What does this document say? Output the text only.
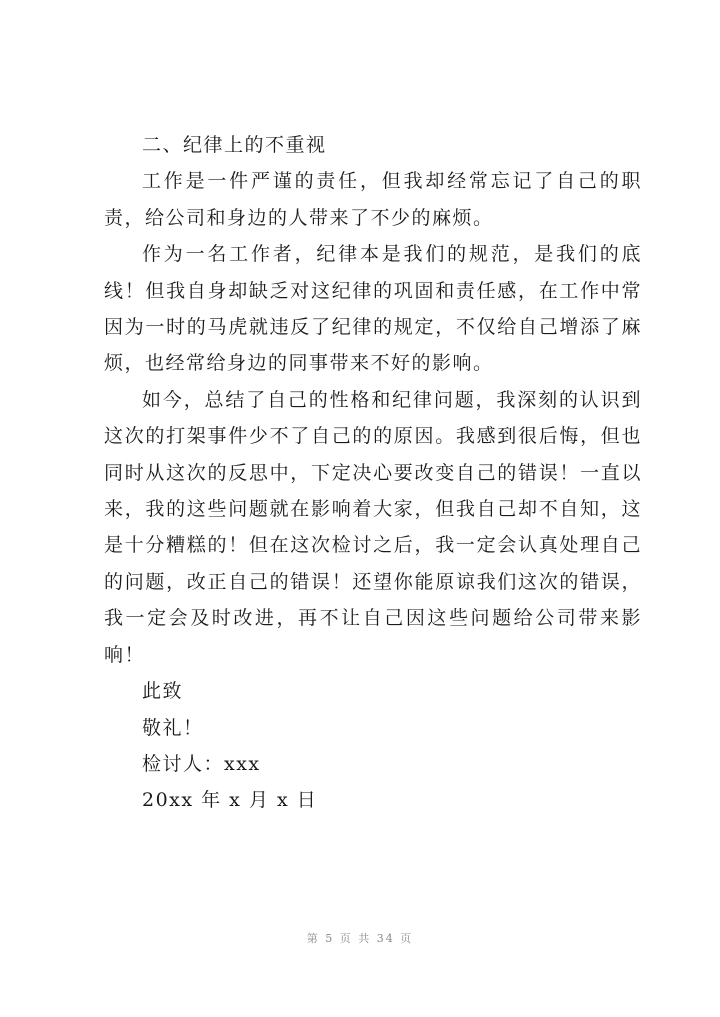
二、纪律上的不重视

工作是一件严谨的责任，但我却经常忘记了自己的职责，给公司和身边的人带来了不少的麻烦。

作为一名工作者，纪律本是我们的规范，是我们的底线！但我自身却缺乏对这纪律的巩固和责任感，在工作中常因为一时的马虎就违反了纪律的规定，不仅给自己增添了麻烦，也经常给身边的同事带来不好的影响。

如今，总结了自己的性格和纪律问题，我深刻的认识到这次的打架事件少不了自己的的原因。我感到很后悔，但也同时从这次的反思中，下定决心要改变自己的错误！一直以来，我的这些问题就在影响着大家，但我自己却不自知，这是十分糟糕的！但在这次检讨之后，我一定会认真处理自己的问题，改正自己的错误！还望你能原谅我们这次的错误，我一定会及时改进，再不让自己因这些问题给公司带来影响！

此致

敬礼！

检讨人：xxx

20xx 年 x 月 x 日

第 5 页 共 34 页
